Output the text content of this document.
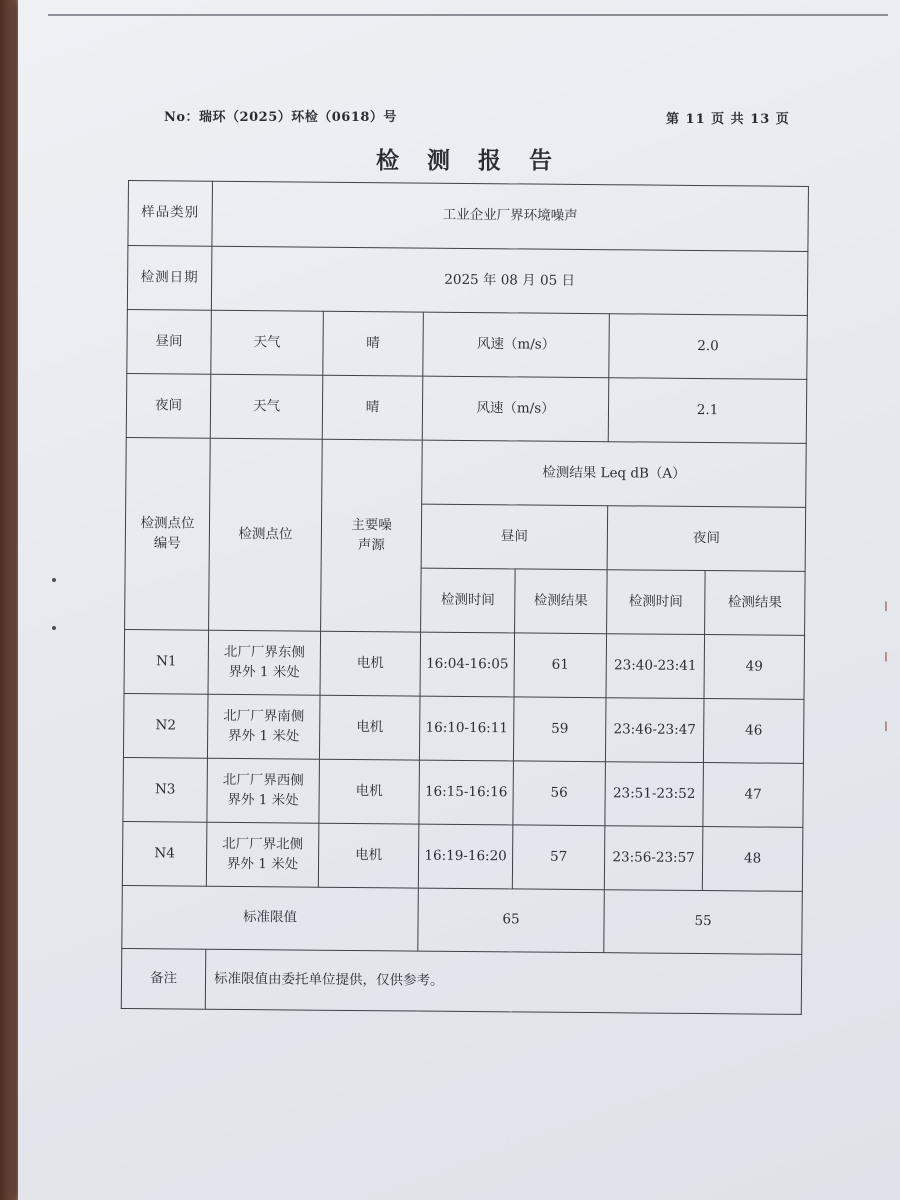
No：瑞环（2025）环检（0618）号	第 11 页 共 13 页
检 测 报 告
样品类别	工业企业厂界环境噪声					
检测日期	2025 年 08 月 05 日					
昼间	天气	晴	风速（m/s）		2.0	
夜间	天气	晴	风速（m/s）		2.1	
检测点位编号	检测点位	主要噪声源	检测结果 Leq dB（A）			
			昼间		夜间	
			检测时间	检测结果	检测时间	检测结果
N1	北厂厂界东侧界外 1 米处	电机	16:04-16:05	61	23:40-23:41	49
N2	北厂厂界南侧界外 1 米处	电机	16:10-16:11	59	23:46-23:47	46
N3	北厂厂界西侧界外 1 米处	电机	16:15-16:16	56	23:51-23:52	47
N4	北厂厂界北侧界外 1 米处	电机	16:19-16:20	57	23:56-23:57	48
标准限值			65		55	
备注	标准限值由委托单位提供，仅供参考。					
╷
╵
╷
